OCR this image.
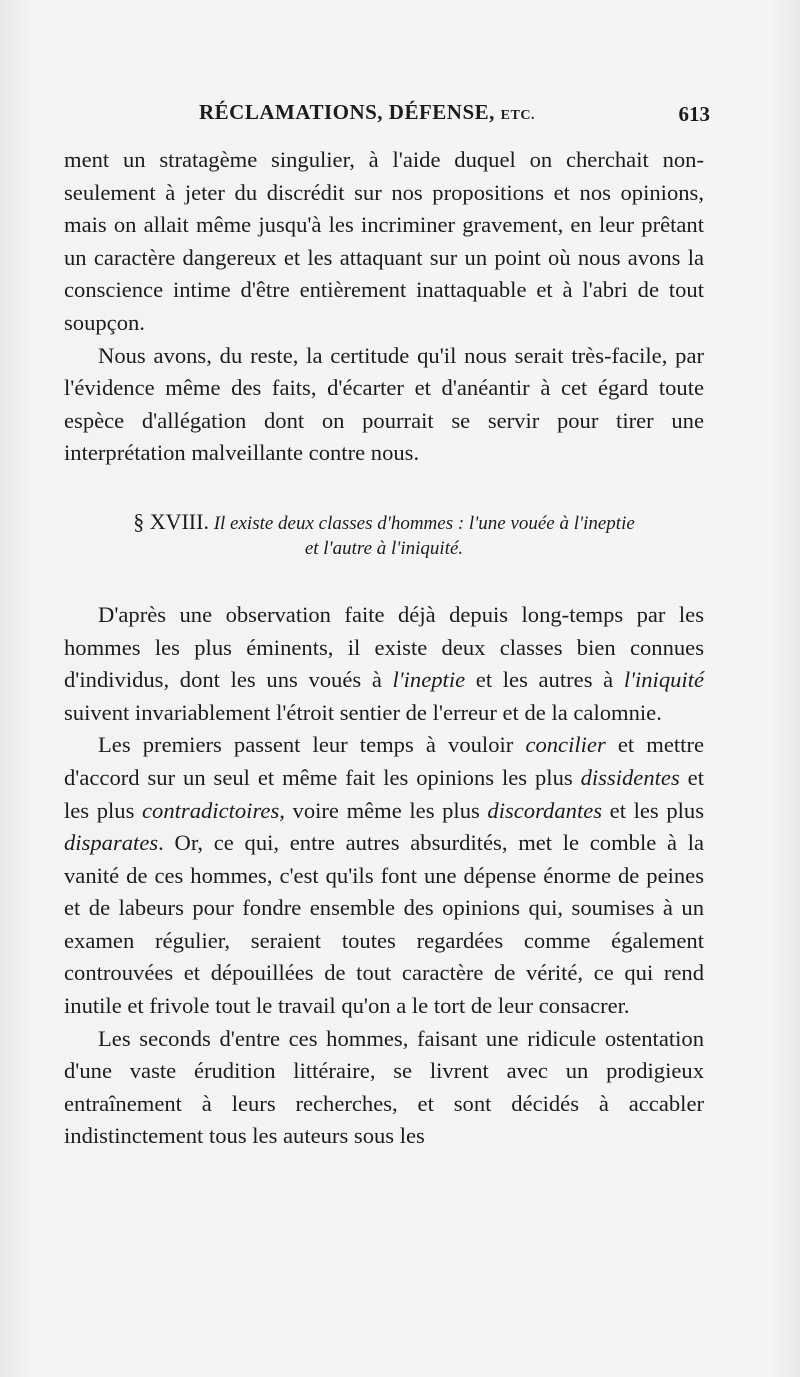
RÉCLAMATIONS, DÉFENSE, ETC.	613

ment un stratagème singulier, à l'aide duquel on cherchait non-seulement à jeter du discrédit sur nos propositions et nos opinions, mais on allait même jusqu'à les incriminer gravement, en leur prêtant un caractère dangereux et les attaquant sur un point où nous avons la conscience intime d'être entièrement inattaquable et à l'abri de tout soupçon.

Nous avons, du reste, la certitude qu'il nous serait très-facile, par l'évidence même des faits, d'écarter et d'anéantir à cet égard toute espèce d'allégation dont on pourrait se servir pour tirer une interprétation malveillante contre nous.

§ XVIII. Il existe deux classes d'hommes : l'une vouée à l'ineptie
et l'autre à l'iniquité.

D'après une observation faite déjà depuis long-temps par les hommes les plus éminents, il existe deux classes bien connues d'individus, dont les uns voués à l'ineptie et les autres à l'iniquité suivent invariablement l'étroit sentier de l'erreur et de la calomnie.

Les premiers passent leur temps à vouloir concilier et mettre d'accord sur un seul et même fait les opinions les plus dissidentes et les plus contradictoires, voire même les plus discordantes et les plus disparates. Or, ce qui, entre autres absurdités, met le comble à la vanité de ces hommes, c'est qu'ils font une dépense énorme de peines et de labeurs pour fondre ensemble des opinions qui, soumises à un examen régulier, seraient toutes regardées comme également controuvées et dépouillées de tout caractère de vérité, ce qui rend inutile et frivole tout le travail qu'on a le tort de leur consacrer.

Les seconds d'entre ces hommes, faisant une ridicule ostentation d'une vaste érudition littéraire, se livrent avec un prodigieux entraînement à leurs recherches, et sont décidés à accabler indistinctement tous les auteurs sous les
